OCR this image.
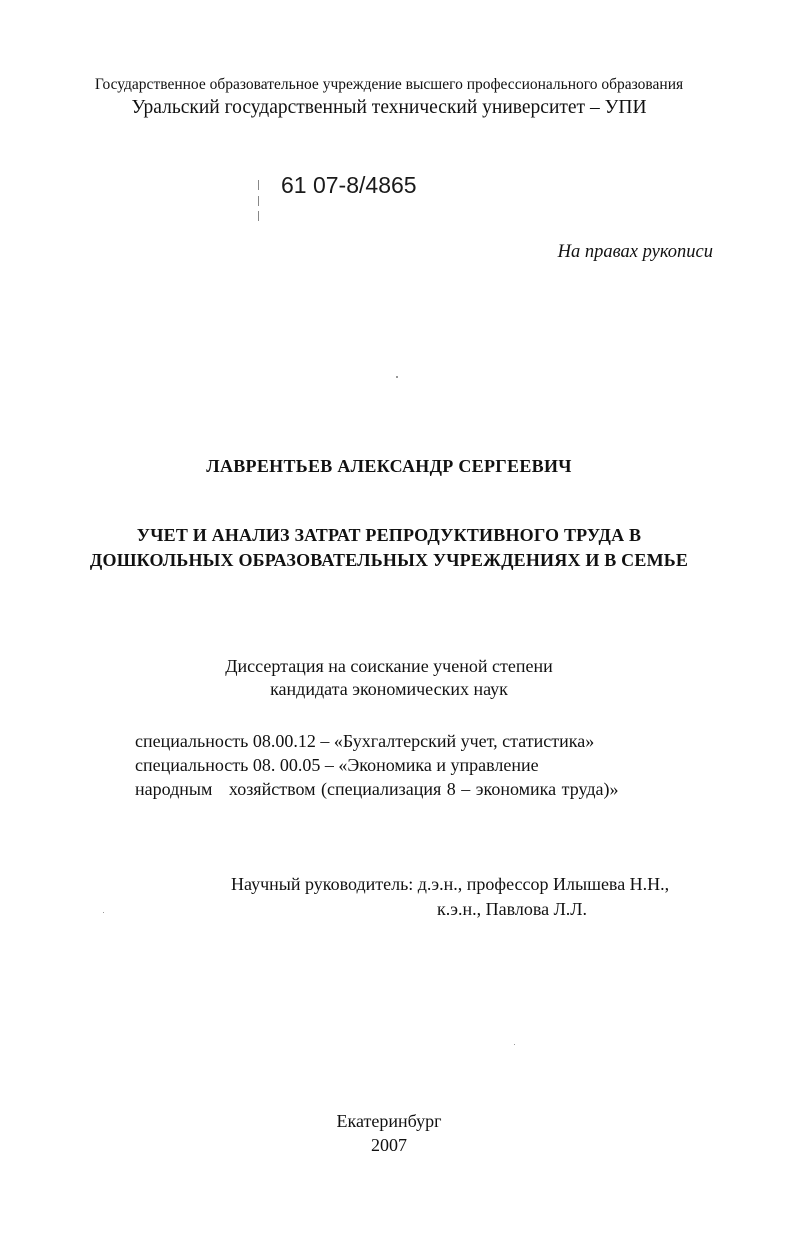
Государственное образовательное учреждение высшего профессионального образования
Уральский государственный технический университет – УПИ
61 07-8/4865
На правах рукописи
ЛАВРЕНТЬЕВ АЛЕКСАНДР СЕРГЕЕВИЧ
УЧЕТ И АНАЛИЗ ЗАТРАТ РЕПРОДУКТИВНОГО ТРУДА В
ДОШКОЛЬНЫХ ОБРАЗОВАТЕЛЬНЫХ УЧРЕЖДЕНИЯХ И В СЕМЬЕ
Диссертация на соискание ученой степени
кандидата экономических наук
специальность 08.00.12 – «Бухгалтерский учет, статистика»
специальность 08. 00.05 – «Экономика и управление
народным   хозяйством (специализация 8 – экономика труда)»
Научный руководитель: д.э.н., профессор Илышева Н.Н.,
к.э.н., Павлова Л.Л.
Екатеринбург
2007
